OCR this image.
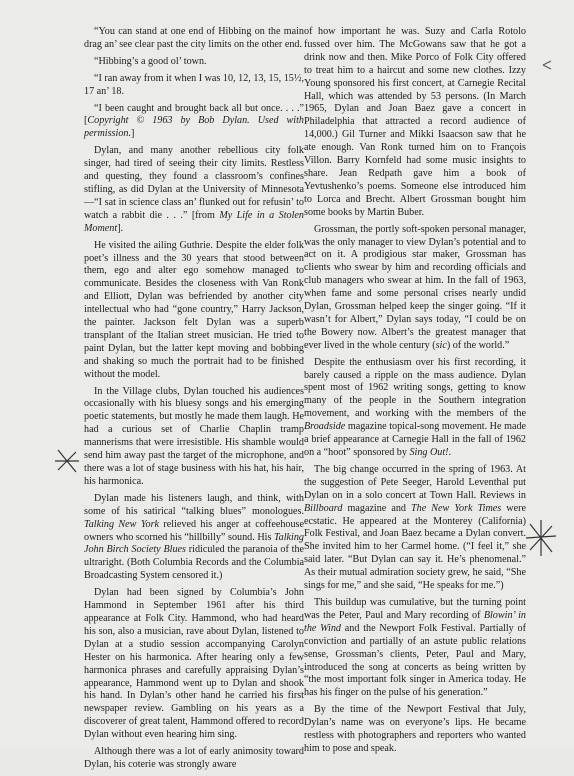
“You can stand at one end of Hibbing on the main drag an’ see clear past the city limits on the other end.

“Hibbing’s a good ol’ town.

“I ran away from it when I was 10, 12, 13, 15, 15½, 17 an’ 18.

“I been caught and brought back all but once. . . .” [Copyright © 1963 by Bob Dylan. Used with permission.]

Dylan, and many another rebellious city folk singer, had tired of seeing their city limits. Restless and questing, they found a classroom’s confines stifling, as did Dylan at the University of Minnesota—“I sat in science class an’ flunked out for refusin’ to watch a rabbit die . . .” [from My Life in a Stolen Moment].

He visited the ailing Guthrie. Despite the elder folk poet’s illness and the 30 years that stood between them, ego and alter ego somehow managed to communicate. Besides the closeness with Van Ronk and Elliott, Dylan was befriended by another city intellectual who had “gone country,” Harry Jackson, the painter. Jackson felt Dylan was a superb transplant of the Italian street musician. He tried to paint Dylan, but the latter kept moving and bobbing and shaking so much the portrait had to be finished without the model.

In the Village clubs, Dylan touched his audiences occasionally with his bluesy songs and his emerging poetic statements, but mostly he made them laugh. He had a curious set of Charlie Chaplin tramp mannerisms that were irresistible. His shamble would send him away past the target of the microphone, and there was a lot of stage business with his hat, his hair, his harmonica.

Dylan made his listeners laugh, and think, with some of his satirical “talking blues” monologues. Talking New York relieved his anger at coffeehouse owners who scorned his “hillbilly” sound. His Talking John Birch Society Blues ridiculed the paranoia of the ultraright. (Both Columbia Records and the Columbia Broadcasting System censored it.)

Dylan had been signed by Columbia’s John Hammond in September 1961 after his third appearance at Folk City. Hammond, who had heard his son, also a musician, rave about Dylan, listened to Dylan at a studio session accompanying Carolyn Hester on his harmonica. After hearing only a few harmonica phrases and carefully appraising Dylan’s appearance, Hammond went up to Dylan and shook his hand. In Dylan’s other hand he carried his first newspaper review. Gambling on his years as a discoverer of great talent, Hammond offered to record Dylan without even hearing him sing.

Although there was a lot of early animosity toward Dylan, his coterie was strongly aware

of how important he was. Suzy and Carla Rotolo fussed over him. The McGowans saw that he got a drink now and then. Mike Porco of Folk City offered to treat him to a haircut and some new clothes. Izzy Young sponsored his first concert, at Carnegie Recital Hall, which was attended by 53 persons. (In March 1965, Dylan and Joan Baez gave a concert in Philadelphia that attracted a record audience of 14,000.) Gil Turner and Mikki Isaacson saw that he ate enough. Van Ronk turned him on to François Villon. Barry Kornfeld had some music insights to share. Jean Redpath gave him a book of Yevtushenko’s poems. Someone else introduced him to Lorca and Brecht. Albert Grossman bought him some books by Martin Buber.

Grossman, the portly soft-spoken personal manager, was the only manager to view Dylan’s potential and to act on it. A prodigious star maker, Grossman has clients who swear by him and recording officials and club managers who swear at him. In the fall of 1963, when fame and some personal crises nearly undid Dylan, Grossman helped keep the singer going. “If it wasn’t for Albert,” Dylan says today, “I could be on the Bowery now. Albert’s the greatest manager that ever lived in the whole century (sic) of the world.”

Despite the enthusiasm over his first recording, it barely caused a ripple on the mass audience. Dylan spent most of 1962 writing songs, getting to know many of the people in the Southern integration movement, and working with the members of the Broadside magazine topical-song movement. He made a brief appearance at Carnegie Hall in the fall of 1962 on a “hoot” sponsored by Sing Out!.

The big change occurred in the spring of 1963. At the suggestion of Pete Seeger, Harold Leventhal put Dylan on in a solo concert at Town Hall. Reviews in Billboard magazine and The New York Times were ecstatic. He appeared at the Monterey (California) Folk Festival, and Joan Baez became a Dylan convert. She invited him to her Carmel home. (“I feel it,” she said later. “But Dylan can say it. He’s phenomenal.” As their mutual admiration society grew, he said, “She sings for me,” and she said, “He speaks for me.”)

This buildup was cumulative, but the turning point was the Peter, Paul and Mary recording of Blowin’ in the Wind and the Newport Folk Festival. Partially of conviction and partially of an astute public relations sense, Grossman’s clients, Peter, Paul and Mary, introduced the song at concerts as being written by “the most important folk singer in America today. He has his finger on the pulse of his generation.”

By the time of the Newport Festival that July, Dylan’s name was on everyone’s lips. He became restless with photographers and reporters who wanted him to pose and speak.
